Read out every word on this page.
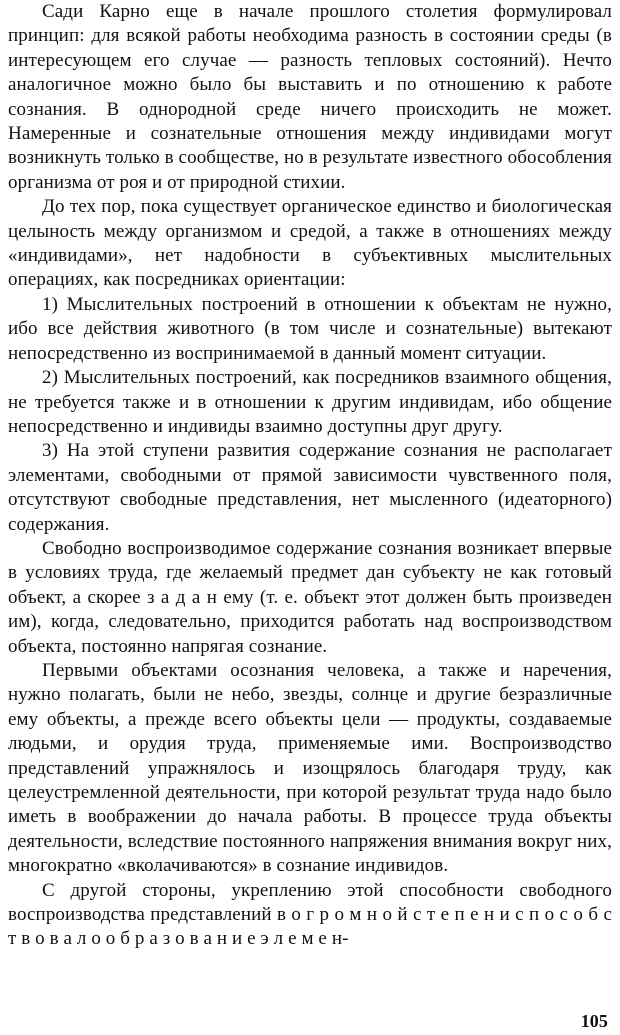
Сади Карно еще в начале прошлого столетия формулировал принцип: для всякой работы необходима разность в состоянии среды (в интересующем его случае — разность тепловых состояний). Нечто аналогичное можно было бы выставить и по отношению к работе сознания. В однородной среде ничего происходить не может. Намеренные и сознательные отношения между индивидами могут возникнуть только в сообществе, но в результате известного обособления организма от роя и от природной стихии.

До тех пор, пока существует органическое единство и биологическая целыность между организмом и средой, а также в отношениях между «индивидами», нет надобности в субъективных мыслительных операциях, как посредниках ориентации:

1) Мыслительных построений в отношении к объектам не нужно, ибо все действия животного (в том числе и сознательные) вытекают непосредственно из воспринимаемой в данный момент ситуации.

2) Мыслительных построений, как посредников взаимного общения, не требуется также и в отношении к другим индивидам, ибо общение непосредственно и индивиды взаимно доступны друг другу.

3) На этой ступени развития содержание сознания не располагает элементами, свободными от прямой зависимости чувственного поля, отсутствуют свободные представления, нет мысленного (идеаторного) содержания.

Свободно воспроизводимое содержание сознания возникает впервые в условиях труда, где желаемый предмет дан субъекту не как готовый объект, а скорее з а д а н ему (т. е. объект этот должен быть произведен им), когда, следовательно, приходится работать над воспроизводством объекта, постоянно напрягая сознание.

Первыми объектами осознания человека, а также и наречения, нужно полагать, были не небо, звезды, солнце и другие безразличные ему объекты, а прежде всего объекты цели — продукты, создаваемые людьми, и орудия труда, применяемые ими. Воспроизводство представлений упражнялось и изощрялось благодаря труду, как целеустремленной деятельности, при которой результат труда надо было иметь в воображении до начала работы. В процессе труда объекты деятельности, вследствие постоянного напряжения внимания вокруг них, многократно «вколачиваются» в сознание индивидов.

С другой стороны, укреплению этой способности свободного воспроизводства представлений в о г р о м н о й с т е п е н и с п о с о б с т в о в а л о о б р а з о в а н и е э л е м е н-

105
